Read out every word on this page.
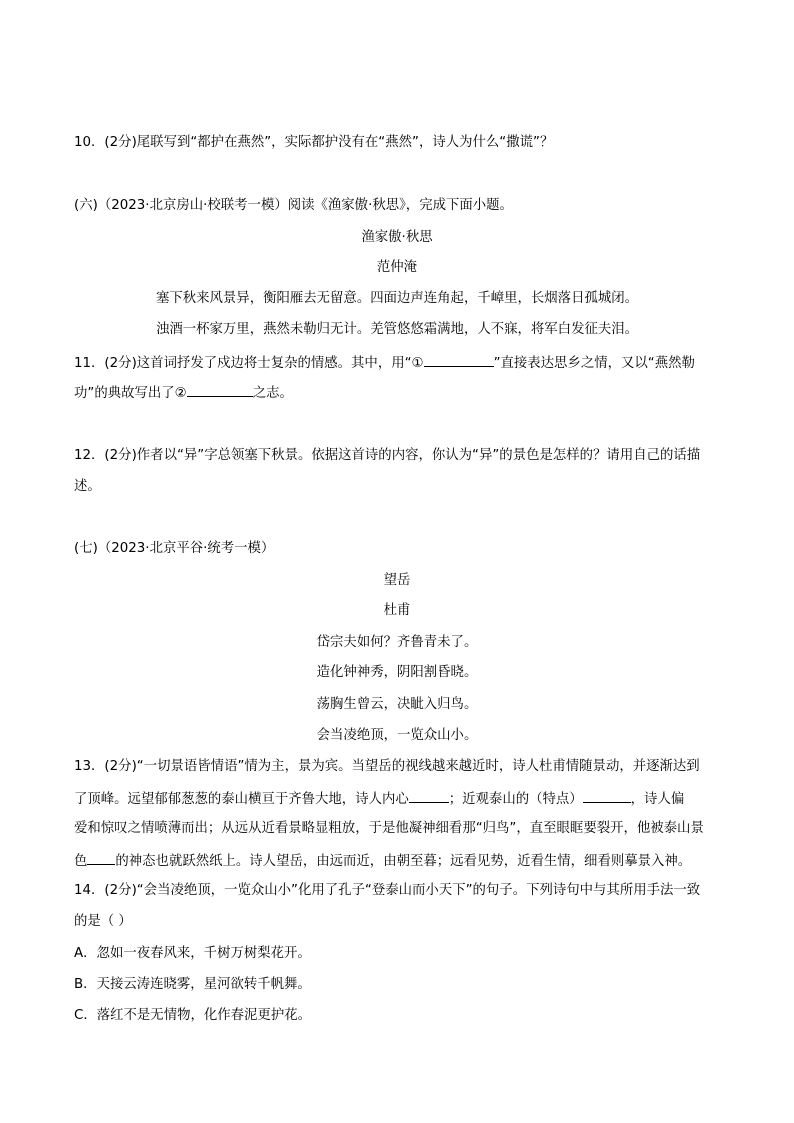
10．(2分)尾联写到“都护在燕然”，实际都护没有在“燕然”，诗人为什么“撒谎”？
(六)（2023·北京房山·校联考一模）阅读《渔家傲·秋思》，完成下面小题。
渔家傲·秋思
范仲淹
塞下秋来风景异，衡阳雁去无留意。四面边声连角起，千嶂里，长烟落日孤城闭。
浊酒一杯家万里，燕然未勒归无计。羌管悠悠霜满地，人不寐，将军白发征夫泪。
11．(2分)这首词抒发了戍边将士复杂的情感。其中，用“①	”直接表达思乡之情，又以“燕然勒
功”的典故写出了②	之志。
12．(2分)作者以“异”字总领塞下秋景。依据这首诗的内容，你认为“异”的景色是怎样的？请用自己的话描
述。
(七)（2023·北京平谷·统考一模）
望岳
杜甫
岱宗夫如何？齐鲁青未了。
造化钟神秀，阴阳割昏晓。
荡胸生曾云，决眦入归鸟。
会当凌绝顶，一览众山小。
13．(2分)“一切景语皆情语”情为主，景为宾。当望岳的视线越来越近时，诗人杜甫情随景动，并逐渐达到
了顶峰。远望郁郁葱葱的泰山横亘于齐鲁大地，诗人内心	；近观泰山的（特点）	，诗人偏
爱和惊叹之情喷薄而出；从远从近看景略显粗放，于是他凝神细看那“归鸟”，直至眼眶要裂开，他被泰山景
色 的神态也就跃然纸上。诗人望岳，由远而近，由朝至暮；远看见势，近看生情，细看则摹景入神。
14．(2分)“会当凌绝顶，一览众山小”化用了孔子“登泰山而小天下”的句子。下列诗句中与其所用手法一致
的是（ ）
A．忽如一夜春风来，千树万树梨花开。
B．天接云涛连晓雾，星河欲转千帆舞。
C．落红不是无情物，化作春泥更护花。
